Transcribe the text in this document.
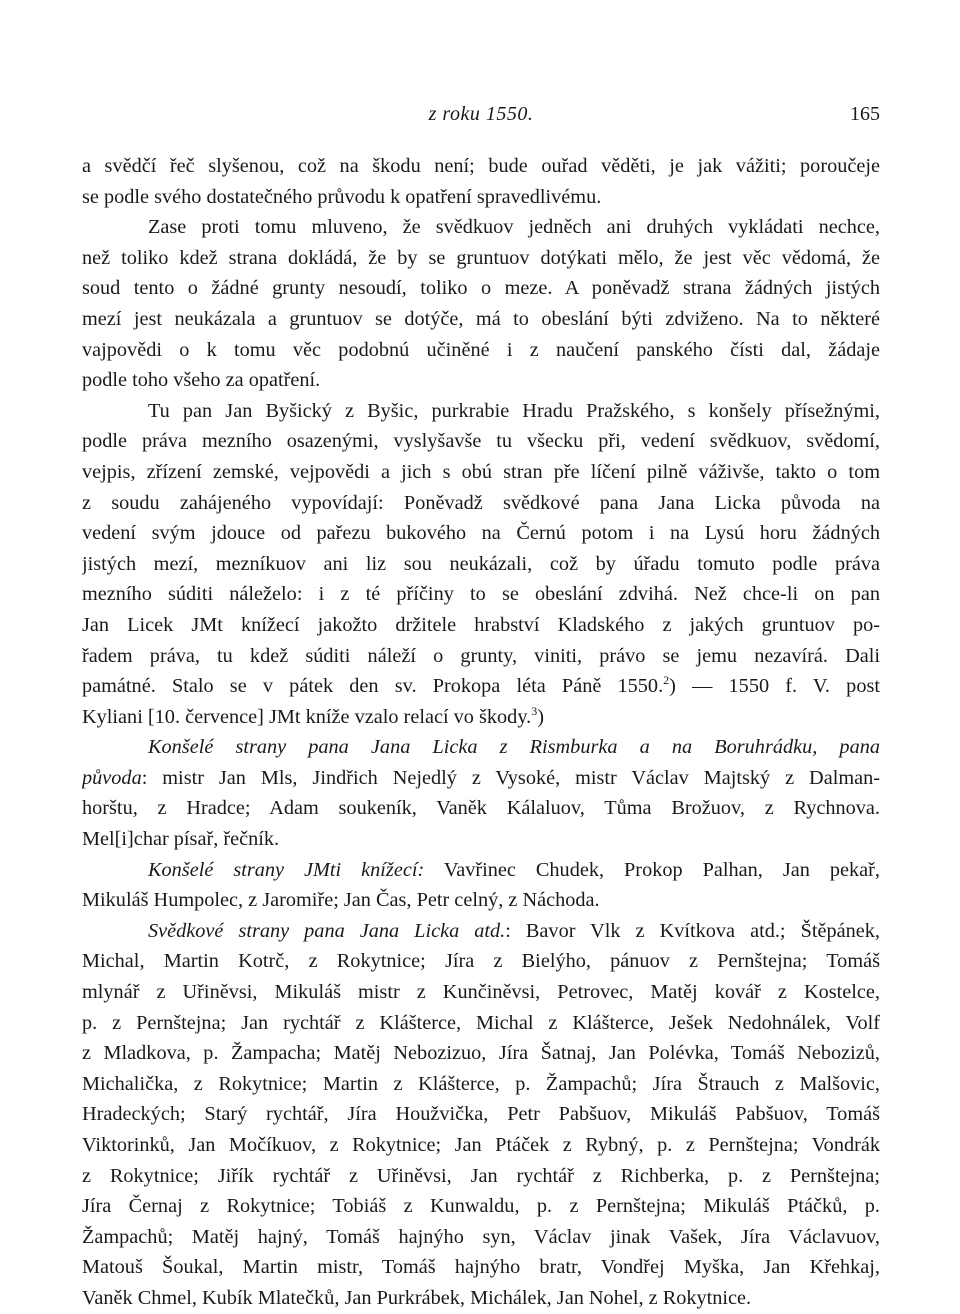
z roku 1550.	165
a svědčí řeč slyšenou, což na škodu není; bude ouřad věděti, je jak vážiti; poroučeje
se podle svého dostatečného průvodu k opatření spravedlivému.
Zase proti tomu mluveno, že svědkuov jedněch ani druhých vykládati nechce,
než toliko kdež strana dokládá, že by se gruntuov dotýkati mělo, že jest věc vědomá, že
soud tento o žádné grunty nesoudí, toliko o meze. A poněvadž strana žádných jistých
mezí jest neukázala a gruntuov se dotýče, má to obeslání býti zdviženo. Na to některé
vajpovědi o k tomu věc podobnú učiněné i z naučení panského čísti dal, žádaje
podle toho všeho za opatření.
Tu pan Jan Byšický z Byšic, purkrabie Hradu Pražského, s konšely přísežnými,
podle práva mezního osazenými, vyslyšavše tu všecku při, vedení svědkuov, svědomí,
vejpis, zřízení zemské, vejpovědi a jich s obú stran pře líčení pilně váživše, takto o tom
z soudu zahájeného vypovídají: Poněvadž svědkové pana Jana Licka původa na
vedení svým jdouce od pařezu bukového na Černú potom i na Lysú horu žádných
jistých mezí, mezníkuov ani liz sou neukázali, což by úřadu tomuto podle práva
mezního súditi náleželo: i z té příčiny to se obeslání zdvihá. Než chce-li on pan
Jan Licek JMt knížecí jakožto držitele hrabství Kladského z jakých gruntuov po-
řadem práva, tu kdež súditi náleží o grunty, viniti, právo se jemu nezavírá. Dali
památné. Stalo se v pátek den sv. Prokopa léta Páně 1550.$^2$) — 1550 f. V. post
Kyliani [10. července] JMt kníže vzalo relací vo škody.$^3$)
Konšelé strany pana Jana Licka z Rismburka a na Boruhrádku, pana
původa: mistr Jan Mls, Jindřich Nejedlý z Vysoké, mistr Václav Majtský z Dalman-
horštu, z Hradce; Adam soukeník, Vaněk Kálaluov, Tůma Brožuov, z Rychnova.
Mel[i]char písař, řečník.
Konšelé strany JMti knížecí: Vavřinec Chudek, Prokop Palhan, Jan pekař,
Mikuláš Humpolec, z Jaromiře; Jan Čas, Petr celný, z Náchoda.
Svědkové strany pana Jana Licka atd.: Bavor Vlk z Kvítkova atd.; Štěpánek,
Michal, Martin Kotrč, z Rokytnice; Jíra z Bielýho, pánuov z Pernštejna; Tomáš
mlynář z Uřiněvsi, Mikuláš mistr z Kunčiněvsi, Petrovec, Matěj kovář z Kostelce,
p. z Pernštejna; Jan rychtář z Klášterce, Michal z Klášterce, Ješek Nedohnálek, Volf
z Mladkova, p. Žampacha; Matěj Nebozizuo, Jíra Šatnaj, Jan Polévka, Tomáš Nebozizů,
Michalička, z Rokytnice; Martin z Klášterce, p. Žampachů; Jíra Štrauch z Malšovic,
Hradeckých; Starý rychtář, Jíra Houžvička, Petr Pabšuov, Mikuláš Pabšuov, Tomáš
Viktorinků, Jan Močíkuov, z Rokytnice; Jan Ptáček z Rybný, p. z Pernštejna; Vondrák
z Rokytnice; Jiřík rychtář z Uřiněvsi, Jan rychtář z Richberka, p. z Pernštejna;
Jíra Černaj z Rokytnice; Tobiáš z Kunwaldu, p. z Pernštejna; Mikuláš Ptáčků, p.
Žampachů; Matěj hajný, Tomáš hajnýho syn, Václav jinak Vašek, Jíra Václavuov,
Matouš Šoukal, Martin mistr, Tomáš hajnýho bratr, Vondřej Myška, Jan Křehkaj,
Vaněk Chmel, Kubík Mlatečků, Jan Purkrábek, Michálek, Jan Nohel, z Rokytnice.
